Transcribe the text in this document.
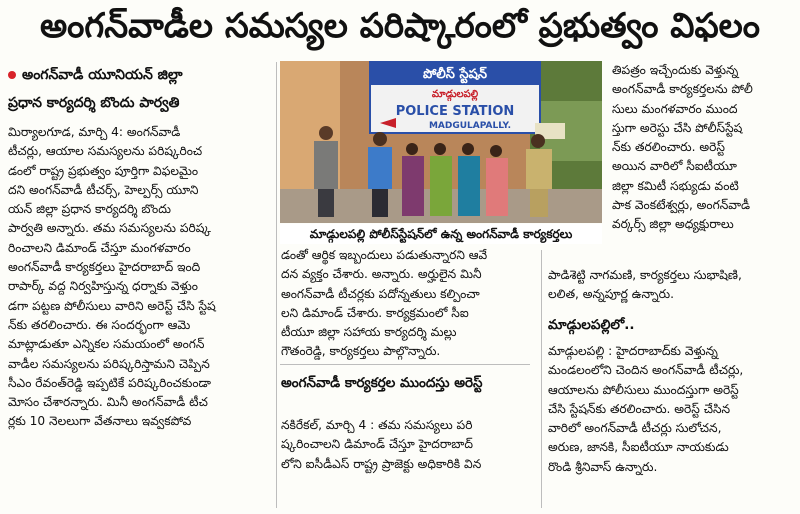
అంగన్‌వాడీల సమస్యల పరిష్కారంలో ప్రభుత్వం విఫలం
అంగన్‌వాడీ యూనియన్ జిల్లా
ప్రధాన కార్యదర్శి బొందు పార్వతి
మిర్యాలగూడ, మార్చి 4: అంగన్‌వాడీ
టీచర్లు, ఆయాల సమస్యలను పరిష్కరించ
డంలో రాష్ట్ర ప్రభుత్వం పూర్తిగా విఫలమైం
దని అంగన్‌వాడీ టీచర్స్, హెల్పర్స్ యూని
యన్ జిల్లా ప్రధాన కార్యదర్శి బొందు
పార్వతి అన్నారు. తమ సమస్యలను పరిష్క
రించాలని డిమాండ్ చేస్తూ మంగళవారం
అంగన్‌వాడీ కార్యకర్తలు హైదరాబాద్ ఇంది
రాపార్క్ వద్ద నిర్వహిస్తున్న ధర్నాకు వెళ్తుం
డగా పట్టణ పోలీసులు వారిని అరెస్ట్ చేసి స్టేష
న్‌కు తరలించారు. ఈ సందర్భంగా ఆమె
మాట్లాడుతూ ఎన్నికల సమయంలో అంగన్
వాడీల సమస్యలను పరిష్కరిస్తామని చెప్పిన
సీఎం రేవంత్‌రెడ్డి ఇప్పటికే పరిష్కరించకుండా
మోసం చేశారన్నారు. మినీ అంగన్‌వాడీ టీచ
ర్లకు 10 నెలలుగా వేతనాలు ఇవ్వకపోవ
పోలీస్ స్టేషన్
మాడ్గులపల్లి
POLICE STATION
MADGULAPALLY.
మాడ్గులపల్లి పోలీస్‌స్టేషన్‌లో ఉన్న అంగన్‌వాడీ కార్యకర్తలు
డంతో ఆర్థిక ఇబ్బందులు పడుతున్నారని ఆవే
దన వ్యక్తం చేశారు. అన్నారు. అర్హులైన మినీ
అంగన్‌వాడీ టీచర్లకు పదోన్నతులు కల్పించా
లని డిమాండ్ చేశారు. కార్యక్రమంలో సీఐ
టీయూ జిల్లా సహాయ కార్యదర్శి మల్లు
గౌతంరెడ్డి, కార్యకర్తలు పాల్గొన్నారు.
అంగన్‌వాడీ కార్యకర్తల ముందస్తు అరెస్ట్
నకిరేకల్, మార్చి 4 : తమ సమస్యలు పరి
ష్కరించాలని డిమాండ్ చేస్తూ హైదరాబాద్
లోని ఐసీడీఎస్ రాష్ట్ర ప్రాజెక్టు అధికారికి విన
తిపత్రం ఇచ్చేందుకు వెళ్తున్న
అంగన్‌వాడీ కార్యకర్తలను పోలీ
సులు మంగళవారం ముంద
స్తుగా అరెస్టు చేసి పోలీస్‌స్టేష
న్‌కు తరలించారు. అరెస్ట్
అయిన వారిలో సీఐటీయూ
జిల్లా కమిటీ సభ్యుడు వంటి
పాక వెంకటేశ్వర్లు, అంగన్‌వాడీ
వర్కర్స్ జిల్లా అధ్యక్షురాలు
పాడిశెట్టి నాగమణి, కార్యకర్తలు సుభాషిణి,
లలిత, అన్నపూర్ణ ఉన్నారు.
మాడ్గులపల్లిలో..
మాడ్గులపల్లి : హైదరాబాద్‌కు వెళ్తున్న
మండలంలోని చెందిన అంగన్‌వాడీ టీచర్లు,
ఆయాలను పోలీసులు ముందస్తుగా అరెస్ట్
చేసి స్టేషన్‌కు తరలించారు. అరెస్ట్ చేసిన
వారిలో అంగన్‌వాడీ టీచర్లు సులోచన,
అరుణ, జానకి, సీఐటీయూ నాయకుడు
రొండి శ్రీనివాస్ ఉన్నారు.
